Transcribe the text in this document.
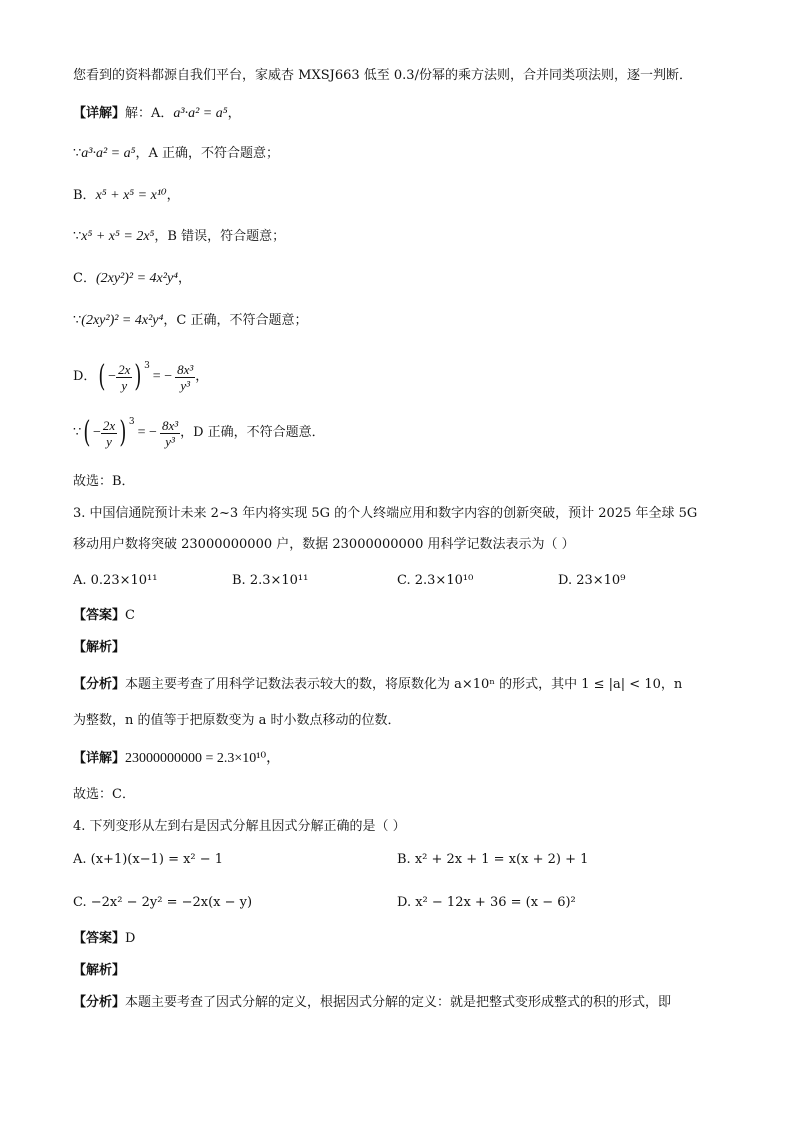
您看到的资料都源自我们平台，家威杏 MXSJ663 低至 0.3/份幂的乘方法则，合并同类项法则，逐一判断．
【详解】解：A．a³·a² = a⁵，
∵a³·a² = a⁵，A 正确，不符合题意；
B．x⁵ + x⁵ = x¹⁰，
∵x⁵ + x⁵ = 2x⁵，B 错误，符合题意；
C．(2xy²)² = 4x²y⁴，
∵(2xy²)² = 4x²y⁴，C 正确，不符合题意；
D． ( − $\frac{2x}{y}$ ) $^3$
= − $\frac{\text{8x³}}{\text{y³}}$ ，
∵ ( − $\frac{2x}{y}$ ) $^3$
= − $\frac{\text{8x³}}{\text{y³}}$ ，D 正确，不符合题意．
故选：B．
3. 中国信通院预计未来 2~3 年内将实现 5G 的个人终端应用和数字内容的创新突破，预计 2025 年全球 5G
移动用户数将突破 23000000000 户，数据 23000000000 用科学记数法表示为（ ）
A. 0.23×10¹¹	B. 2.3×10¹¹	C. 2.3×10¹⁰	D. 23×10⁹
【答案】C
【解析】
【分析】本题主要考查了用科学记数法表示较大的数，将原数化为 a×10ⁿ 的形式，其中 1 ≤ |a| < 10，n
为整数，n 的值等于把原数变为 a 时小数点移动的位数．
【详解】23000000000 = 2.3×10¹⁰，
故选：C．
4. 下列变形从左到右是因式分解且因式分解正确的是（ ）
A. (x+1)(x−1) = x² − 1	B. x² + 2x + 1 = x(x + 2) + 1
C. −2x² − 2y² = −2x(x − y)	D. x² − 12x + 36 = (x − 6)²
【答案】D
【解析】
【分析】本题主要考查了因式分解的定义，根据因式分解的定义：就是把整式变形成整式的积的形式，即
